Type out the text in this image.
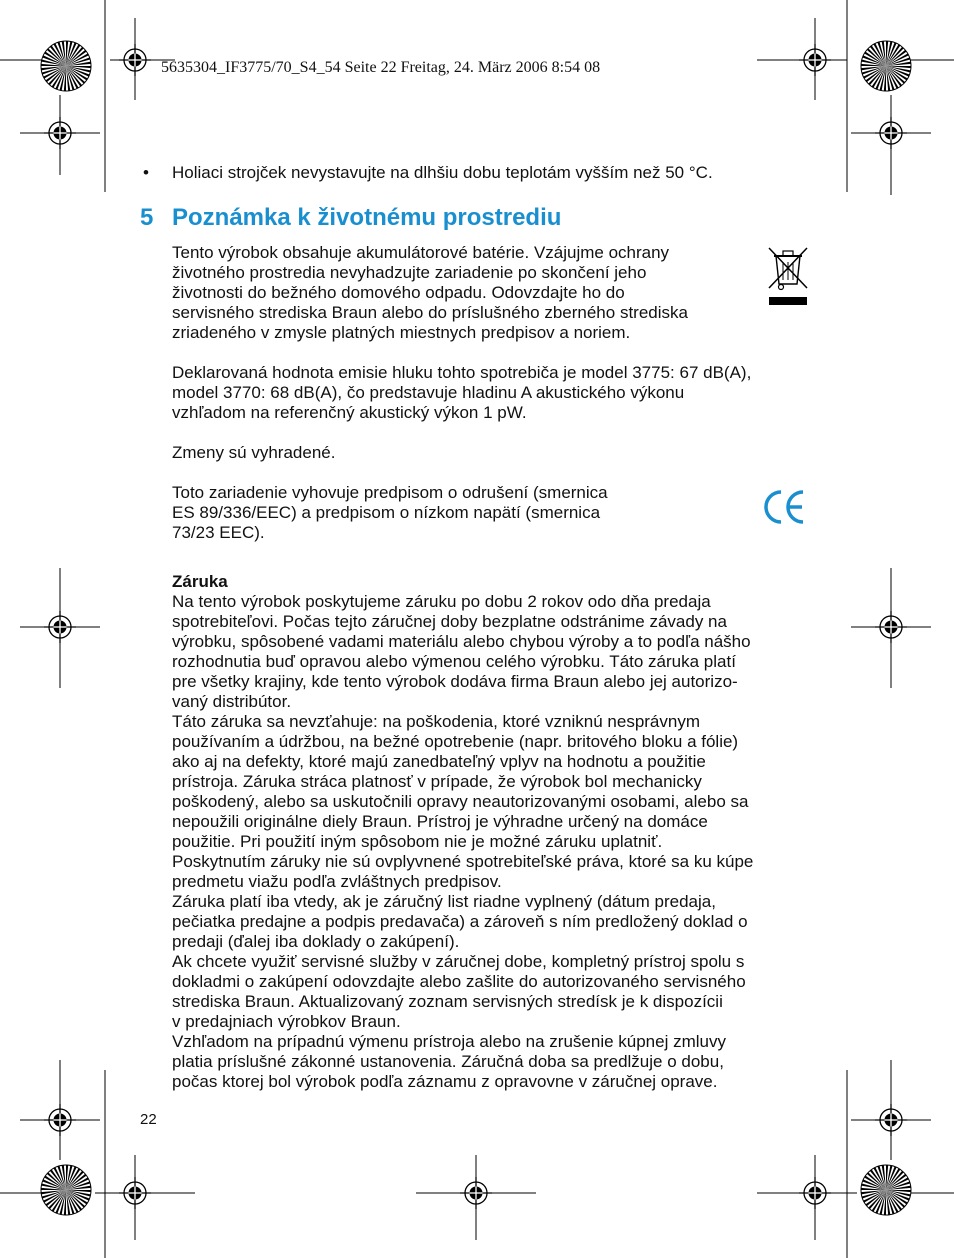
5635304_IF3775/70_S4_54 Seite 22 Freitag, 24. März 2006 8:54 08
• Holiaci strojček nevystavujte na dlhšiu dobu teplotám vyšším než 50 °C.
5 Poznámka k životnému prostrediu
Tento výrobok obsahuje akumulátorové batérie. Vzájujme ochrany
životného prostredia nevyhadzujte zariadenie po skončení jeho
životnosti do bežného domového odpadu. Odovzdajte ho do
servisného strediska Braun alebo do príslušného zberného strediska
zriadeného v zmysle platných miestnych predpisov a noriem.
Deklarovaná hodnota emisie hluku tohto spotrebiča je model 3775: 67 dB(A),
model 3770: 68 dB(A), čo predstavuje hladinu A akustického výkonu
vzhľadom na referenčný akustický výkon 1 pW.
Zmeny sú vyhradené.
Toto zariadenie vyhovuje predpisom o odrušení (smernica
ES 89/336/EEC) a predpisom o nízkom napätí (smernica
73/23 EEC).
Záruka
Na tento výrobok poskytujeme záruku po dobu 2 rokov odo dňa predaja
spotrebiteľovi. Počas tejto záručnej doby bezplatne odstránime závady na
výrobku, spôsobené vadami materiálu alebo chybou výroby a to podľa nášho
rozhodnutia buď opravou alebo výmenou celého výrobku. Táto záruka platí
pre všetky krajiny, kde tento výrobok dodáva firma Braun alebo jej autorizo-
vaný distribútor.
Táto záruka sa nevzťahuje: na poškodenia, ktoré vzniknú nesprávnym
používaním a údržbou, na bežné opotrebenie (napr. britového bloku a fólie)
ako aj na defekty, ktoré majú zanedbateľný vplyv na hodnotu a použitie
prístroja. Záruka stráca platnosť v prípade, že výrobok bol mechanicky
poškodený, alebo sa uskutočnili opravy neautorizovanými osobami, alebo sa
nepoužili originálne diely Braun. Prístroj je výhradne určený na domáce
použitie. Pri použití iným spôsobom nie je možné záruku uplatniť.
Poskytnutím záruky nie sú ovplyvnené spotrebiteľské práva, ktoré sa ku kúpe
predmetu viažu podľa zvláštnych predpisov.
Záruka platí iba vtedy, ak je záručný list riadne vyplnený (dátum predaja,
pečiatka predajne a podpis predavača) a zároveň s ním predložený doklad o
predaji (ďalej iba doklady o zakúpení).
Ak chcete využiť servisné služby v záručnej dobe, kompletný prístroj spolu s
dokladmi o zakúpení odovzdajte alebo zašlite do autorizovaného servisného
strediska Braun. Aktualizovaný zoznam servisných stredísk je k dispozícii
v predajniach výrobkov Braun.
Vzhľadom na prípadnú výmenu prístroja alebo na zrušenie kúpnej zmluvy
platia príslušné zákonné ustanovenia. Záručná doba sa predlžuje o dobu,
počas ktorej bol výrobok podľa záznamu z opravovne v záručnej oprave.
22
